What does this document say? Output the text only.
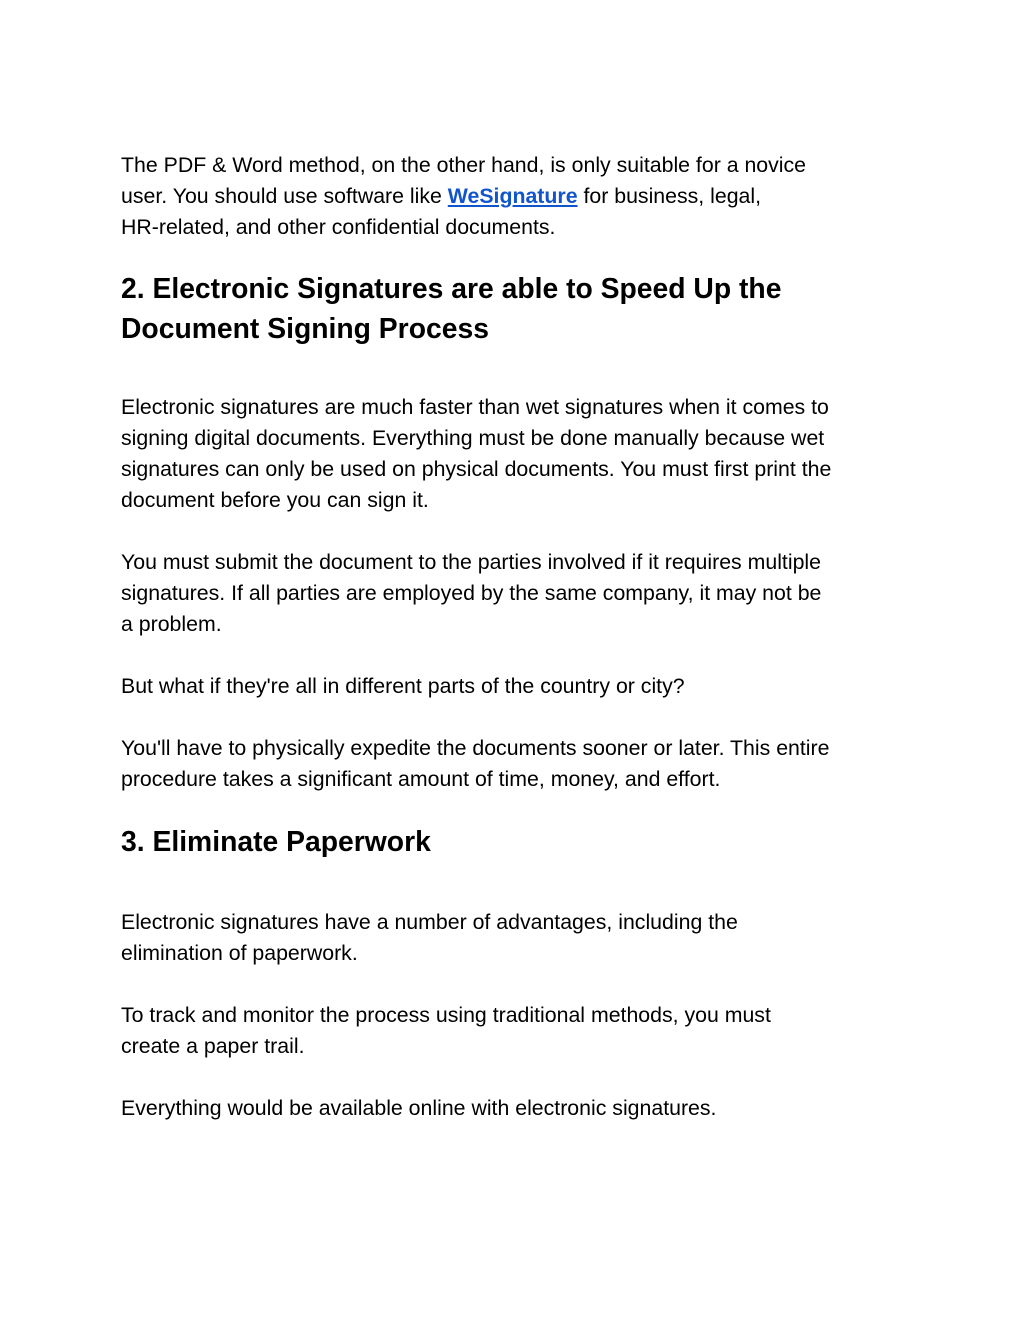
The PDF & Word method, on the other hand, is only suitable for a novice
user. You should use software like WeSignature for business, legal,
HR-related, and other confidential documents.

2. Electronic Signatures are able to Speed Up the
Document Signing Process

Electronic signatures are much faster than wet signatures when it comes to
signing digital documents. Everything must be done manually because wet
signatures can only be used on physical documents. You must first print the
document before you can sign it.

You must submit the document to the parties involved if it requires multiple
signatures. If all parties are employed by the same company, it may not be
a problem.

But what if they're all in different parts of the country or city?

You'll have to physically expedite the documents sooner or later. This entire
procedure takes a significant amount of time, money, and effort.

3. Eliminate Paperwork

Electronic signatures have a number of advantages, including the
elimination of paperwork.

To track and monitor the process using traditional methods, you must
create a paper trail.

Everything would be available online with electronic signatures.
